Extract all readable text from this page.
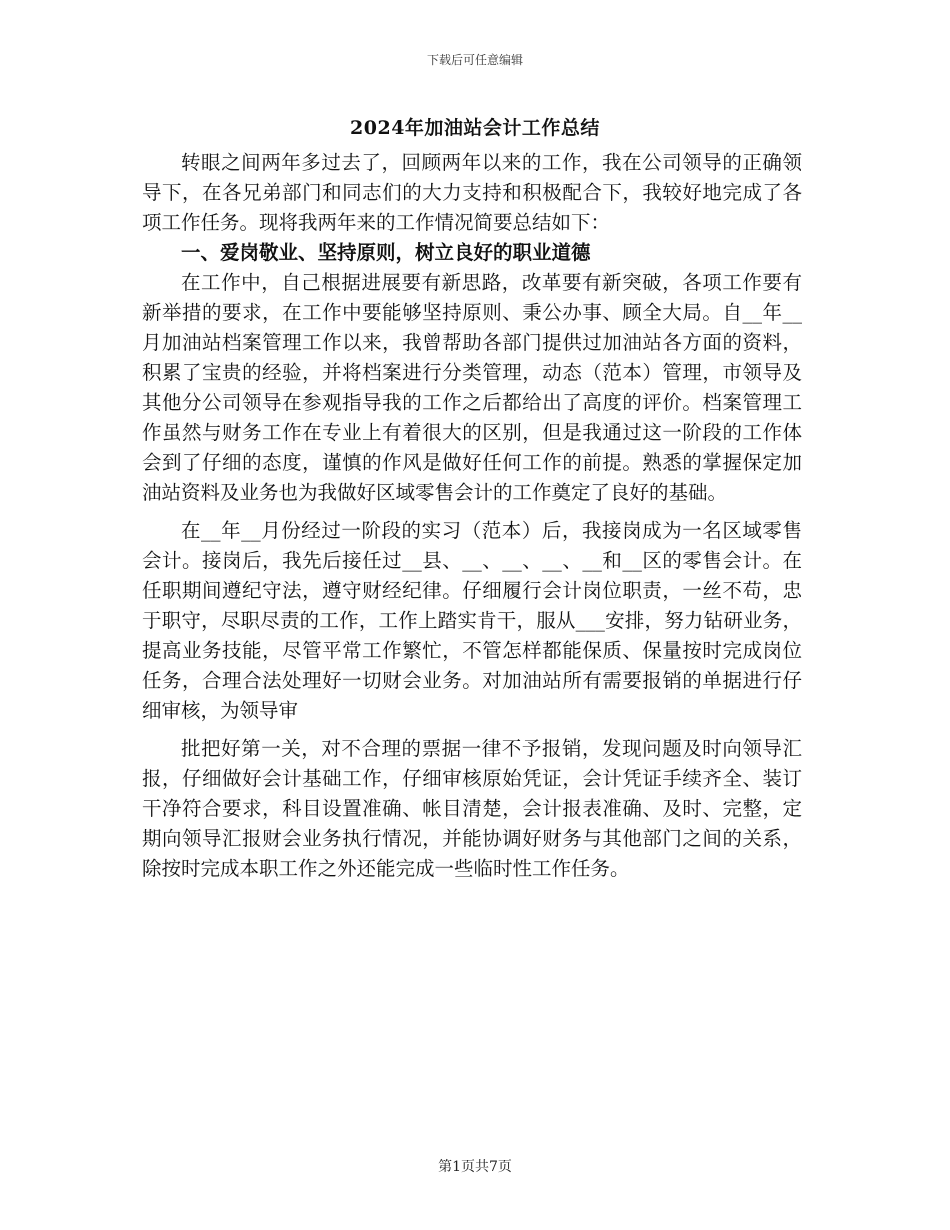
下载后可任意编辑
2024年加油站会计工作总结

转眼之间两年多过去了，回顾两年以来的工作，我在公司领导的正确领导下，在各兄弟部门和同志们的大力支持和积极配合下，我较好地完成了各项工作任务。现将我两年来的工作情况简要总结如下：

一、爱岗敬业、坚持原则，树立良好的职业道德

在工作中，自己根据进展要有新思路，改革要有新突破，各项工作要有新举措的要求，在工作中要能够坚持原则、秉公办事、顾全大局。自__年__月加油站档案管理工作以来，我曾帮助各部门提供过加油站各方面的资料，积累了宝贵的经验，并将档案进行分类管理，动态（范本）管理，市领导及其他分公司领导在参观指导我的工作之后都给出了高度的评价。档案管理工作虽然与财务工作在专业上有着很大的区别，但是我通过这一阶段的工作体会到了仔细的态度，谨慎的作风是做好任何工作的前提。熟悉的掌握保定加油站资料及业务也为我做好区域零售会计的工作奠定了良好的基础。

在__年__月份经过一阶段的实习（范本）后，我接岗成为一名区域零售会计。接岗后，我先后接任过__县、__、__、__、__和__区的零售会计。在任职期间遵纪守法，遵守财经纪律。仔细履行会计岗位职责，一丝不苟，忠于职守，尽职尽责的工作，工作上踏实肯干，服从___安排，努力钻研业务，提高业务技能，尽管平常工作繁忙，不管怎样都能保质、保量按时完成岗位任务，合理合法处理好一切财会业务。对加油站所有需要报销的单据进行仔细审核，为领导审

批把好第一关，对不合理的票据一律不予报销，发现问题及时向领导汇报，仔细做好会计基础工作，仔细审核原始凭证，会计凭证手续齐全、装订干净符合要求，科目设置准确、帐目清楚，会计报表准确、及时、完整，定期向领导汇报财会业务执行情况，并能协调好财务与其他部门之间的关系，除按时完成本职工作之外还能完成一些临时性工作任务。

第1页共7页
